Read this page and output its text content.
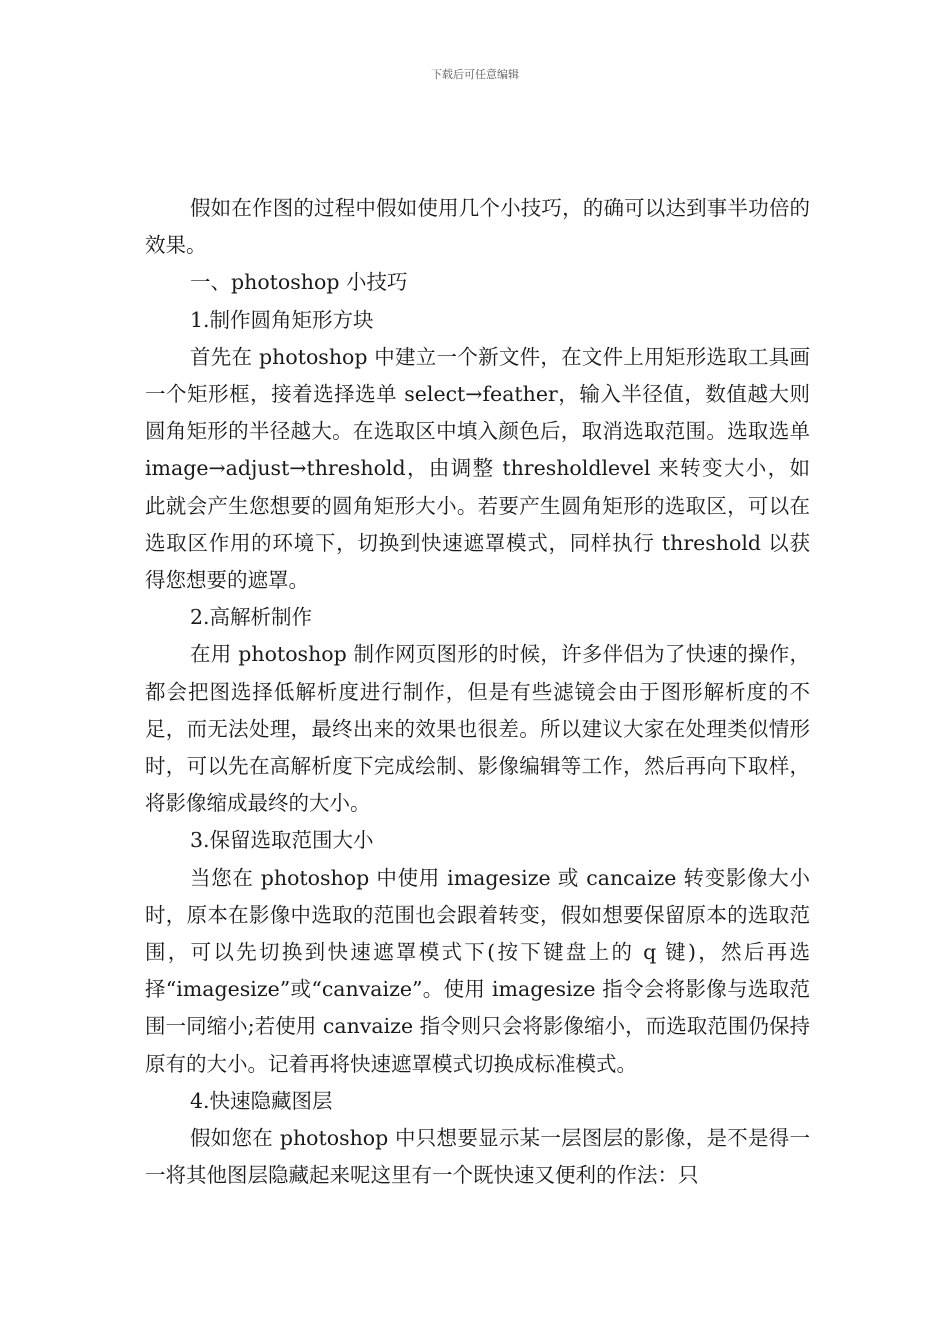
下载后可任意编辑

假如在作图的过程中假如使用几个小技巧，的确可以达到事半功倍的效果。

一、photoshop 小技巧

1.制作圆角矩形方块

首先在 photoshop 中建立一个新文件，在文件上用矩形选取工具画一个矩形框，接着选择选单 select→feather，输入半径值，数值越大则圆角矩形的半径越大。在选取区中填入颜色后，取消选取范围。选取选单 image→adjust→threshold，由调整 thresholdlevel 来转变大小，如此就会产生您想要的圆角矩形大小。若要产生圆角矩形的选取区，可以在选取区作用的环境下，切换到快速遮罩模式，同样执行 threshold 以获得您想要的遮罩。

2.高解析制作

在用 photoshop 制作网页图形的时候，许多伴侣为了快速的操作，都会把图选择低解析度进行制作，但是有些滤镜会由于图形解析度的不足，而无法处理，最终出来的效果也很差。所以建议大家在处理类似情形时，可以先在高解析度下完成绘制、影像编辑等工作，然后再向下取样，将影像缩成最终的大小。

3.保留选取范围大小

当您在 photoshop 中使用 imagesize 或 cancaize 转变影像大小时，原本在影像中选取的范围也会跟着转变，假如想要保留原本的选取范围，可以先切换到快速遮罩模式下(按下键盘上的 q 键)，然后再选择“imagesize”或“canvaize”。使用 imagesize 指令会将影像与选取范围一同缩小;若使用 canvaize 指令则只会将影像缩小，而选取范围仍保持原有的大小。记着再将快速遮罩模式切换成标准模式。

4.快速隐藏图层

假如您在 photoshop 中只想要显示某一层图层的影像，是不是得一一将其他图层隐藏起来呢这里有一个既快速又便利的作法：只
